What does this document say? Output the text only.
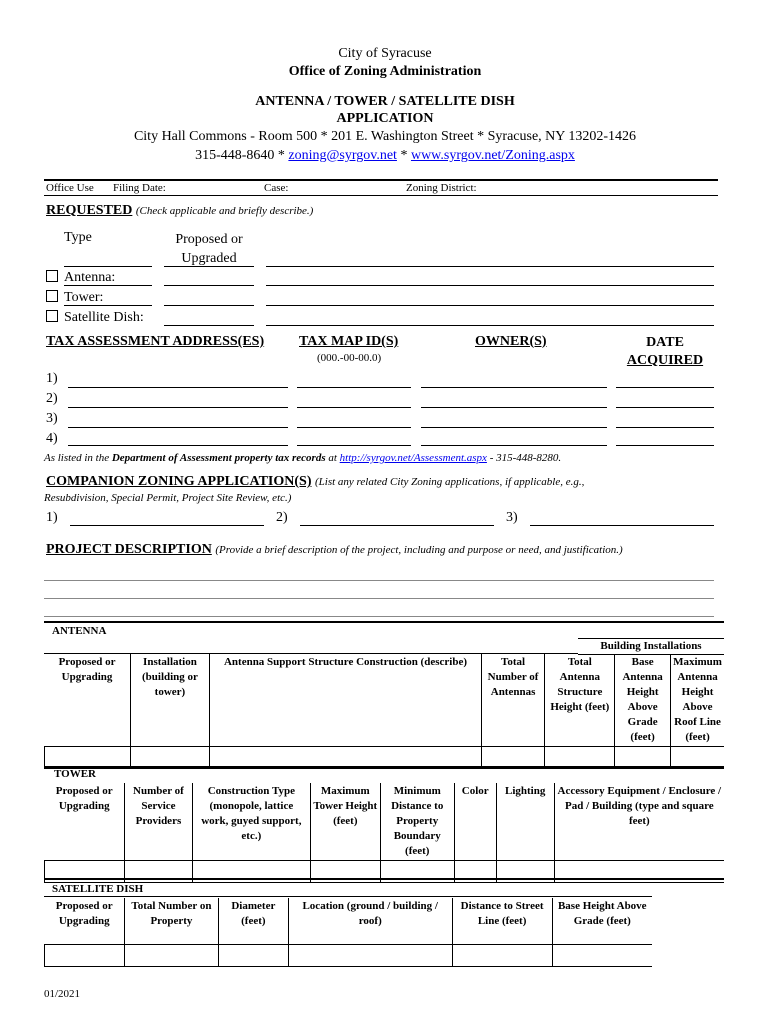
City of Syracuse
Office of Zoning Administration
ANTENNA / TOWER / SATELLITE DISH
APPLICATION
City Hall Commons - Room 500 * 201 E. Washington Street * Syracuse, NY 13202-1426
315-448-8640 * zoning@syrgov.net * www.syrgov.net/Zoning.aspx
Office Use Filing Date:	Case:	Zoning District:
REQUESTED (Check applicable and briefly describe.)
Type	Proposed or
Upgraded
Antenna:
Tower:
Satellite Dish:
TAX ASSESSMENT ADDRESS(ES) TAX MAP ID(S)
(000.-00-00.0)
OWNER(S)	DATE
ACQUIRED
1)
2)
3)
4)
As listed in the Department of Assessment property tax records at http://syrgov.net/Assessment.aspx - 315-448-8280.
COMPANION ZONING APPLICATION(S) (List any related City Zoning applications, if applicable, e.g.,
Resubdivision, Special Permit, Project Site Review, etc.)
1)	2)	3)
PROJECT DESCRIPTION (Provide a brief description of the project, including and purpose or need, and justification.)
ANTENNA
Building Installations
Proposed or Upgrading	Installation (building or tower)	Antenna Support Structure Construction (describe)	Total Number of Antennas	Total Antenna Structure Height (feet)	Base Antenna Height Above Grade (feet)	Maximum Antenna Height Above Roof Line (feet)

TOWER
Proposed or Upgrading	Number of Service Providers	Construction Type (monopole, lattice work, guyed support, etc.)	Maximum Tower Height (feet)	Minimum Distance to Property Boundary (feet)	Color	Lighting	Accessory Equipment / Enclosure / Pad / Building (type and square feet)

SATELLITE DISH
Proposed or Upgrading	Total Number on Property	Diameter (feet)	Location (ground / building / roof)	Distance to Street Line (feet)	Base Height Above Grade (feet)

01/2021
